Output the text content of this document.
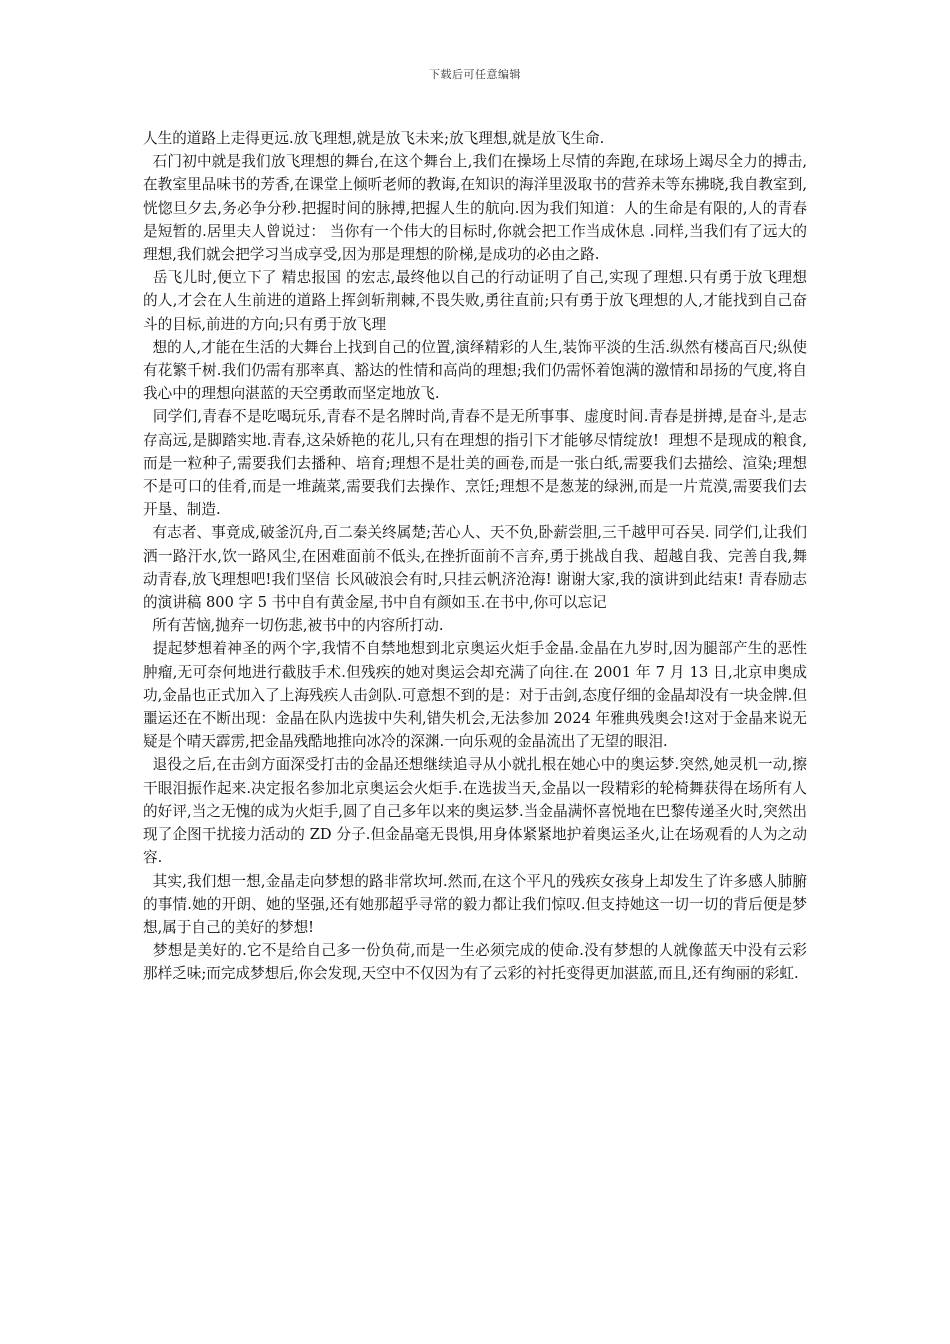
下载后可任意编辑

人生的道路上走得更远.放飞理想,就是放飞未来;放飞理想,就是放飞生命.

石门初中就是我们放飞理想的舞台,在这个舞台上,我们在操场上尽情的奔跑,在球场上竭尽全力的搏击,在教室里品味书的芳香,在课堂上倾听老师的教诲,在知识的海洋里汲取书的营养未等东拂晓,我自教室到,恍惚旦夕去,务必争分秒.把握时间的脉搏,把握人生的航向.因为我们知道：人的生命是有限的,人的青春是短暂的.居里夫人曾说过： 当你有一个伟大的目标时,你就会把工作当成休息 .同样,当我们有了远大的理想,我们就会把学习当成享受,因为那是理想的阶梯,是成功的必由之路.

岳飞儿时,便立下了 精忠报国 的宏志,最终他以自己的行动证明了自己,实现了理想.只有勇于放飞理想的人,才会在人生前进的道路上挥剑斩荆棘,不畏失败,勇往直前;只有勇于放飞理想的人,才能找到自己奋斗的目标,前进的方向;只有勇于放飞理

想的人,才能在生活的大舞台上找到自己的位置,演绎精彩的人生,装饰平淡的生活.纵然有楼高百尺;纵使有花繁千树.我们仍需有那率真、豁达的性情和高尚的理想;我们仍需怀着饱满的激情和昂扬的气度,将自我心中的理想向湛蓝的天空勇敢而坚定地放飞.

同学们,青春不是吃喝玩乐,青春不是名牌时尚,青春不是无所事事、虚度时间.青春是拼搏,是奋斗,是志存高远,是脚踏实地.青春,这朵娇艳的花儿,只有在理想的指引下才能够尽情绽放!  理想不是现成的粮食,而是一粒种子,需要我们去播种、培育;理想不是壮美的画卷,而是一张白纸,需要我们去描绘、渲染;理想不是可口的佳肴,而是一堆蔬菜,需要我们去操作、烹饪;理想不是葱茏的绿洲,而是一片荒漠,需要我们去开垦、制造.

有志者、事竟成,破釜沉舟,百二秦关终属楚;苦心人、天不负,卧薪尝胆,三千越甲可吞吴. 同学们,让我们洒一路汗水,饮一路风尘,在困难面前不低头,在挫折面前不言弃,勇于挑战自我、超越自我、完善自我,舞动青春,放飞理想吧!我们坚信 长风破浪会有时,只挂云帆济沧海! 谢谢大家,我的演讲到此结束! 青春励志的演讲稿 800 字 5 书中自有黄金屋,书中自有颜如玉.在书中,你可以忘记

所有苦恼,抛弃一切伤悲,被书中的内容所打动.

提起梦想着神圣的两个字,我情不自禁地想到北京奥运火炬手金晶.金晶在九岁时,因为腿部产生的恶性肿瘤,无可奈何地进行截肢手术.但残疾的她对奥运会却充满了向往.在 2001 年 7 月 13 日,北京申奥成功,金晶也正式加入了上海残疾人击剑队.可意想不到的是：对于击剑,态度仔细的金晶却没有一块金牌.但噩运还在不断出现：金晶在队内选拔中失利,错失机会,无法参加 2024 年雅典残奥会!这对于金晶来说无疑是个晴天霹雳,把金晶残酷地推向冰冷的深渊.一向乐观的金晶流出了无望的眼泪.

退役之后,在击剑方面深受打击的金晶还想继续追寻从小就扎根在她心中的奥运梦.突然,她灵机一动,擦干眼泪振作起来.决定报名参加北京奥运会火炬手.在选拔当天,金晶以一段精彩的轮椅舞获得在场所有人的好评,当之无愧的成为火炬手,圆了自己多年以来的奥运梦.当金晶满怀喜悦地在巴黎传递圣火时,突然出现了企图干扰接力活动的 ZD 分子.但金晶毫无畏惧,用身体紧紧地护着奥运圣火,让在场观看的人为之动容.

其实,我们想一想,金晶走向梦想的路非常坎坷.然而,在这个平凡的残疾女孩身上却发生了许多感人肺腑的事情.她的开朗、她的坚强,还有她那超乎寻常的毅力都让我们惊叹.但支持她这一切一切的背后便是梦想,属于自己的美好的梦想!

梦想是美好的.它不是给自己多一份负荷,而是一生必须完成的使命.没有梦想的人就像蓝天中没有云彩那样乏味;而完成梦想后,你会发现,天空中不仅因为有了云彩的衬托变得更加湛蓝,而且,还有绚丽的彩虹.
